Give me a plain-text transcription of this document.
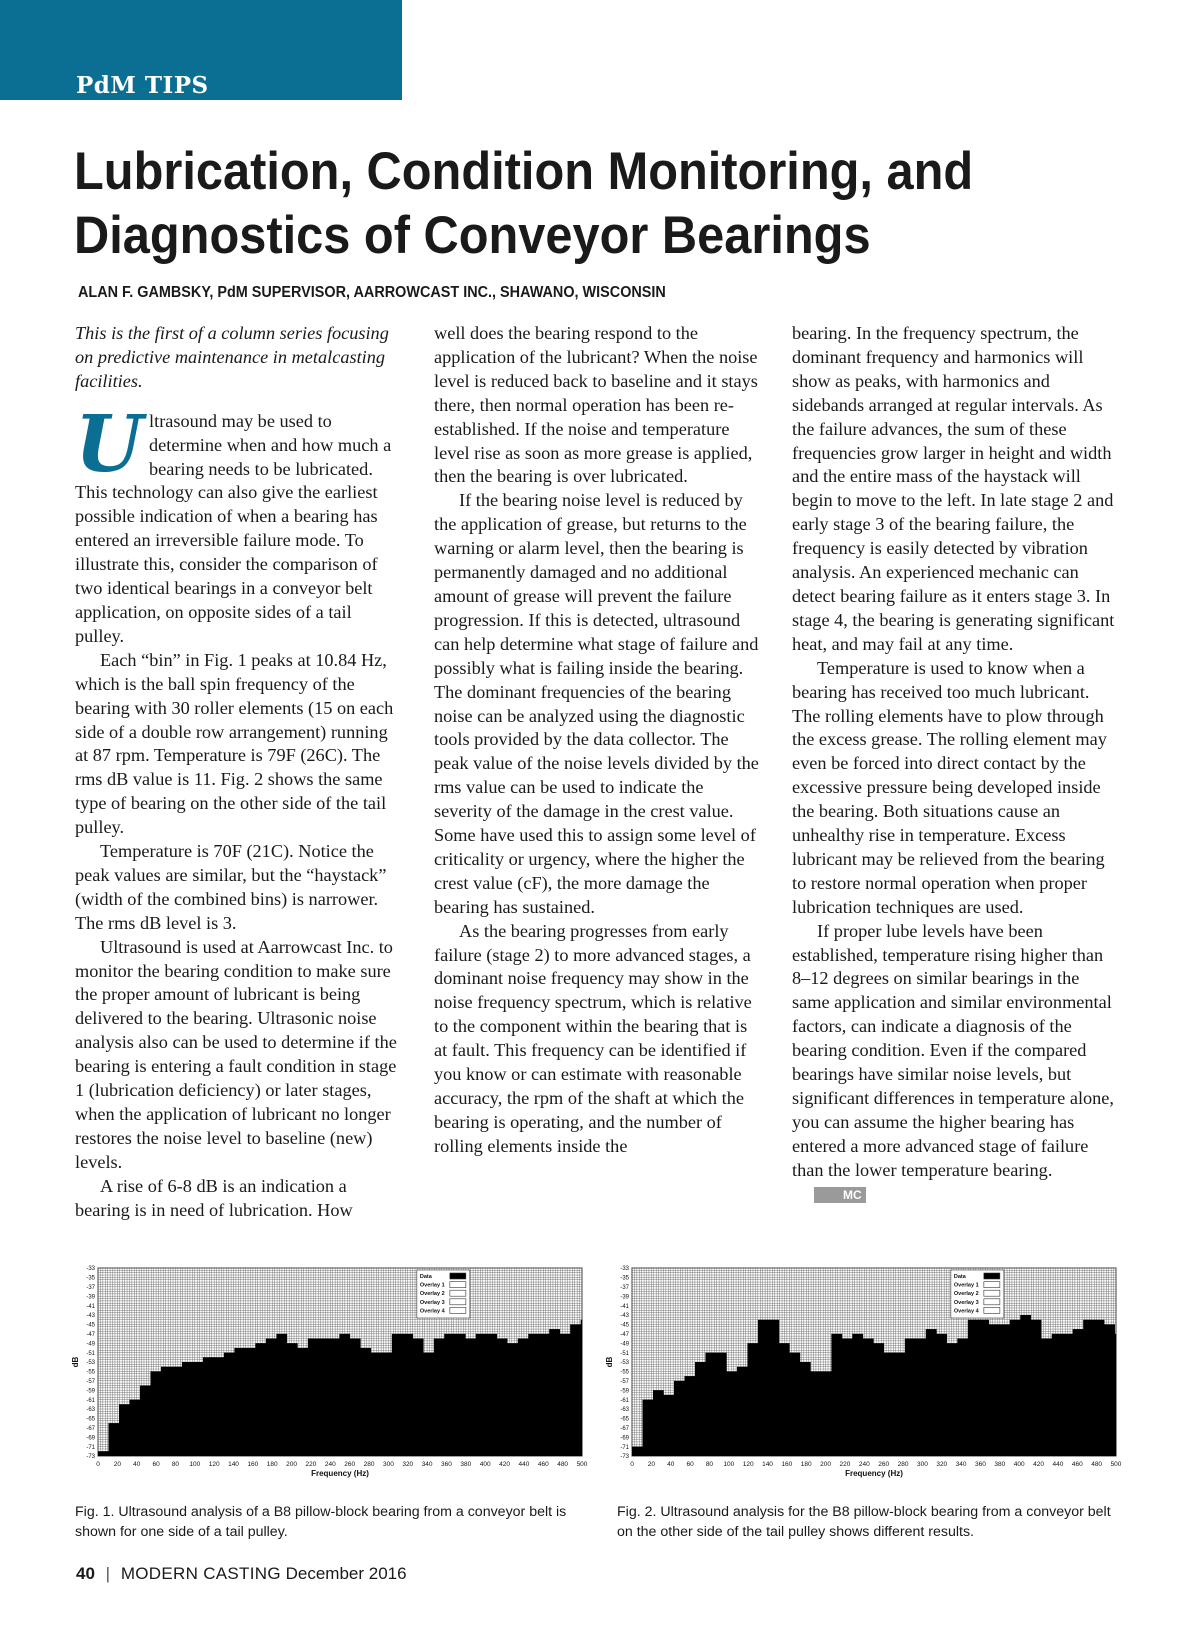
PdM TIPS
Lubrication, Condition Monitoring, and Diagnostics of Conveyor Bearings
ALAN F. GAMBSKY, PdM SUPERVISOR, AARROWCAST INC., SHAWANO, WISCONSIN

This is the first of a column series focusing on predictive maintenance in metalcasting facilities.

Ultrasound may be used to determine when and how much a bearing needs to be lubricated. This technology can also give the earliest possible indication of when a bearing has entered an irreversible failure mode. To illustrate this, consider the comparison of two identical bearings in a conveyor belt application, on opposite sides of a tail pulley.

Each “bin” in Fig. 1 peaks at 10.84 Hz, which is the ball spin frequency of the bearing with 30 roller elements (15 on each side of a double row arrangement) running at 87 rpm. Temperature is 79F (26C). The rms dB value is 11. Fig. 2 shows the same type of bearing on the other side of the tail pulley.

Temperature is 70F (21C). Notice the peak values are similar, but the “haystack” (width of the combined bins) is narrower. The rms dB level is 3.

Ultrasound is used at Aarrowcast Inc. to monitor the bearing condition to make sure the proper amount of lubricant is being delivered to the bearing. Ultrasonic noise analysis also can be used to determine if the bearing is entering a fault condition in stage 1 (lubrication deficiency) or later stages, when the application of lubricant no longer restores the noise level to baseline (new) levels.

A rise of 6-8 dB is an indication a bearing is in need of lubrication. How

well does the bearing respond to the application of the lubricant? When the noise level is reduced back to baseline and it stays there, then normal operation has been re-established. If the noise and temperature level rise as soon as more grease is applied, then the bearing is over lubricated.

If the bearing noise level is reduced by the application of grease, but returns to the warning or alarm level, then the bearing is permanently damaged and no additional amount of grease will prevent the failure progression. If this is detected, ultrasound can help determine what stage of failure and possibly what is failing inside the bearing. The dominant frequencies of the bearing noise can be analyzed using the diagnostic tools provided by the data collector. The peak value of the noise levels divided by the rms value can be used to indicate the severity of the damage in the crest value. Some have used this to assign some level of criticality or urgency, where the higher the crest value (cF), the more damage the bearing has sustained.

As the bearing progresses from early failure (stage 2) to more advanced stages, a dominant noise frequency may show in the noise frequency spectrum, which is relative to the component within the bearing that is at fault. This frequency can be identified if you know or can estimate with reasonable accuracy, the rpm of the shaft at which the bearing is operating, and the number of rolling elements inside the

bearing. In the frequency spectrum, the dominant frequency and harmonics will show as peaks, with harmonics and sidebands arranged at regular intervals. As the failure advances, the sum of these frequencies grow larger in height and width and the entire mass of the haystack will begin to move to the left. In late stage 2 and early stage 3 of the bearing failure, the frequency is easily detected by vibration analysis. An experienced mechanic can detect bearing failure as it enters stage 3. In stage 4, the bearing is generating significant heat, and may fail at any time.

Temperature is used to know when a bearing has received too much lubricant. The rolling elements have to plow through the excess grease. The rolling element may even be forced into direct contact by the excessive pressure being developed inside the bearing. Both situations cause an unhealthy rise in temperature. Excess lubricant may be relieved from the bearing to restore normal operation when proper lubrication techniques are used.

If proper lube levels have been established, temperature rising higher than 8–12 degrees on similar bearings in the same application and similar environmental factors, can indicate a diagnosis of the bearing condition. Even if the compared bearings have similar noise levels, but significant differences in temperature alone, you can assume the higher bearing has entered a more advanced stage of failure than the lower temperature bearing.MC

0 20 40 60 80 100 120 140 160 180 200 220 240 260 280 300 320 340 360 380 400 420 440 460 480 500
-33
-35
-37
-39
-41
-43
-45
-47
-49
-51
-53
-55
-57
-59
-61
-63
-65
-67
-69
-71
-73
Frequency (Hz)
dB
Data
Overlay 1
Overlay 2
Overlay 3
Overlay 4
0 20 40 60 80 100 120 140 160 180 200 220 240 260 280 300 320 340 360 380 400 420 440 460 480 500
-33
-35
-37
-39
-41
-43
-45
-47
-49
-51
-53
-55
-57
-59
-61
-63
-65
-67
-69
-71
-73
Frequency (Hz)
dB
Data
Overlay 1
Overlay 2
Overlay 3
Overlay 4
Fig. 1. Ultrasound analysis of a B8 pillow-block bearing from a conveyor belt is shown for one side of a tail pulley.
Fig. 2. Ultrasound analysis for the B8 pillow-block bearing from a conveyor belt on the other side of the tail pulley shows different results.
40 | MODERN CASTING December 2016
